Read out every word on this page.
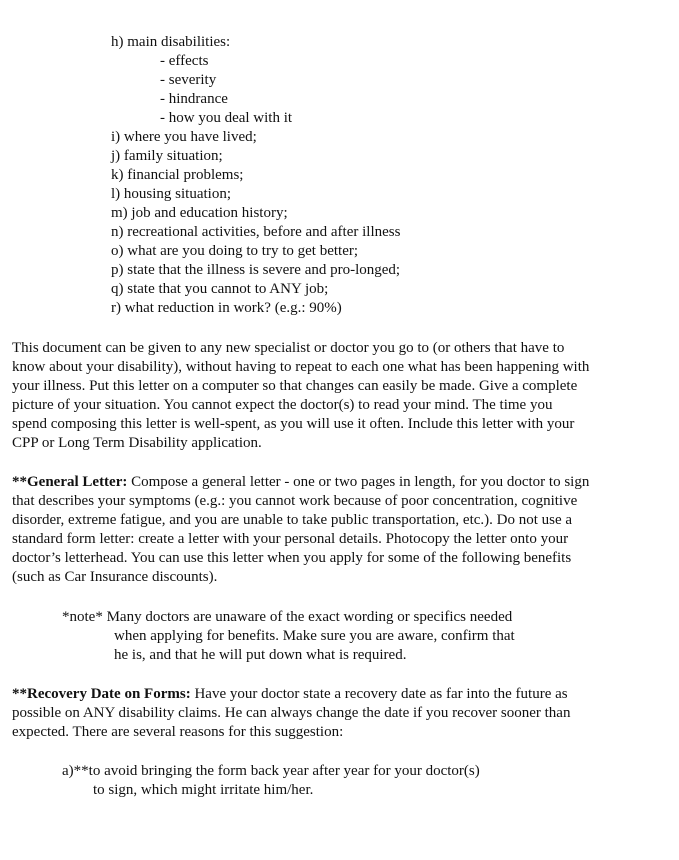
h) main disabilities:
- effects
- severity
- hindrance
- how you deal with it
i) where you have lived;
j) family situation;
k) financial problems;
l) housing situation;
m) job and education history;
n) recreational activities, before and after illness
o) what are you doing to try to get better;
p) state that the illness is severe and pro-longed;
q) state that you cannot to ANY job;
r) what reduction in work? (e.g.: 90%)
This document can be given to any new specialist or doctor you go to (or others that have to
know about your disability), without having to repeat to each one what has been happening with
your illness. Put this letter on a computer so that changes can easily be made. Give a complete
picture of your situation. You cannot expect the doctor(s) to read your mind. The time you
spend composing this letter is well-spent, as you will use it often. Include this letter with your
CPP or Long Term Disability application.
**General Letter: Compose a general letter - one or two pages in length, for you doctor to sign
that describes your symptoms (e.g.: you cannot work because of poor concentration, cognitive
disorder, extreme fatigue, and you are unable to take public transportation, etc.). Do not use a
standard form letter: create a letter with your personal details. Photocopy the letter onto your
doctor’s letterhead. You can use this letter when you apply for some of the following benefits
(such as Car Insurance discounts).
*note* Many doctors are unaware of the exact wording or specifics needed
when applying for benefits. Make sure you are aware, confirm that
he is, and that he will put down what is required.
**Recovery Date on Forms: Have your doctor state a recovery date as far into the future as
possible on ANY disability claims. He can always change the date if you recover sooner than
expected. There are several reasons for this suggestion:
a)**to avoid bringing the form back year after year for your doctor(s)
to sign, which might irritate him/her.
